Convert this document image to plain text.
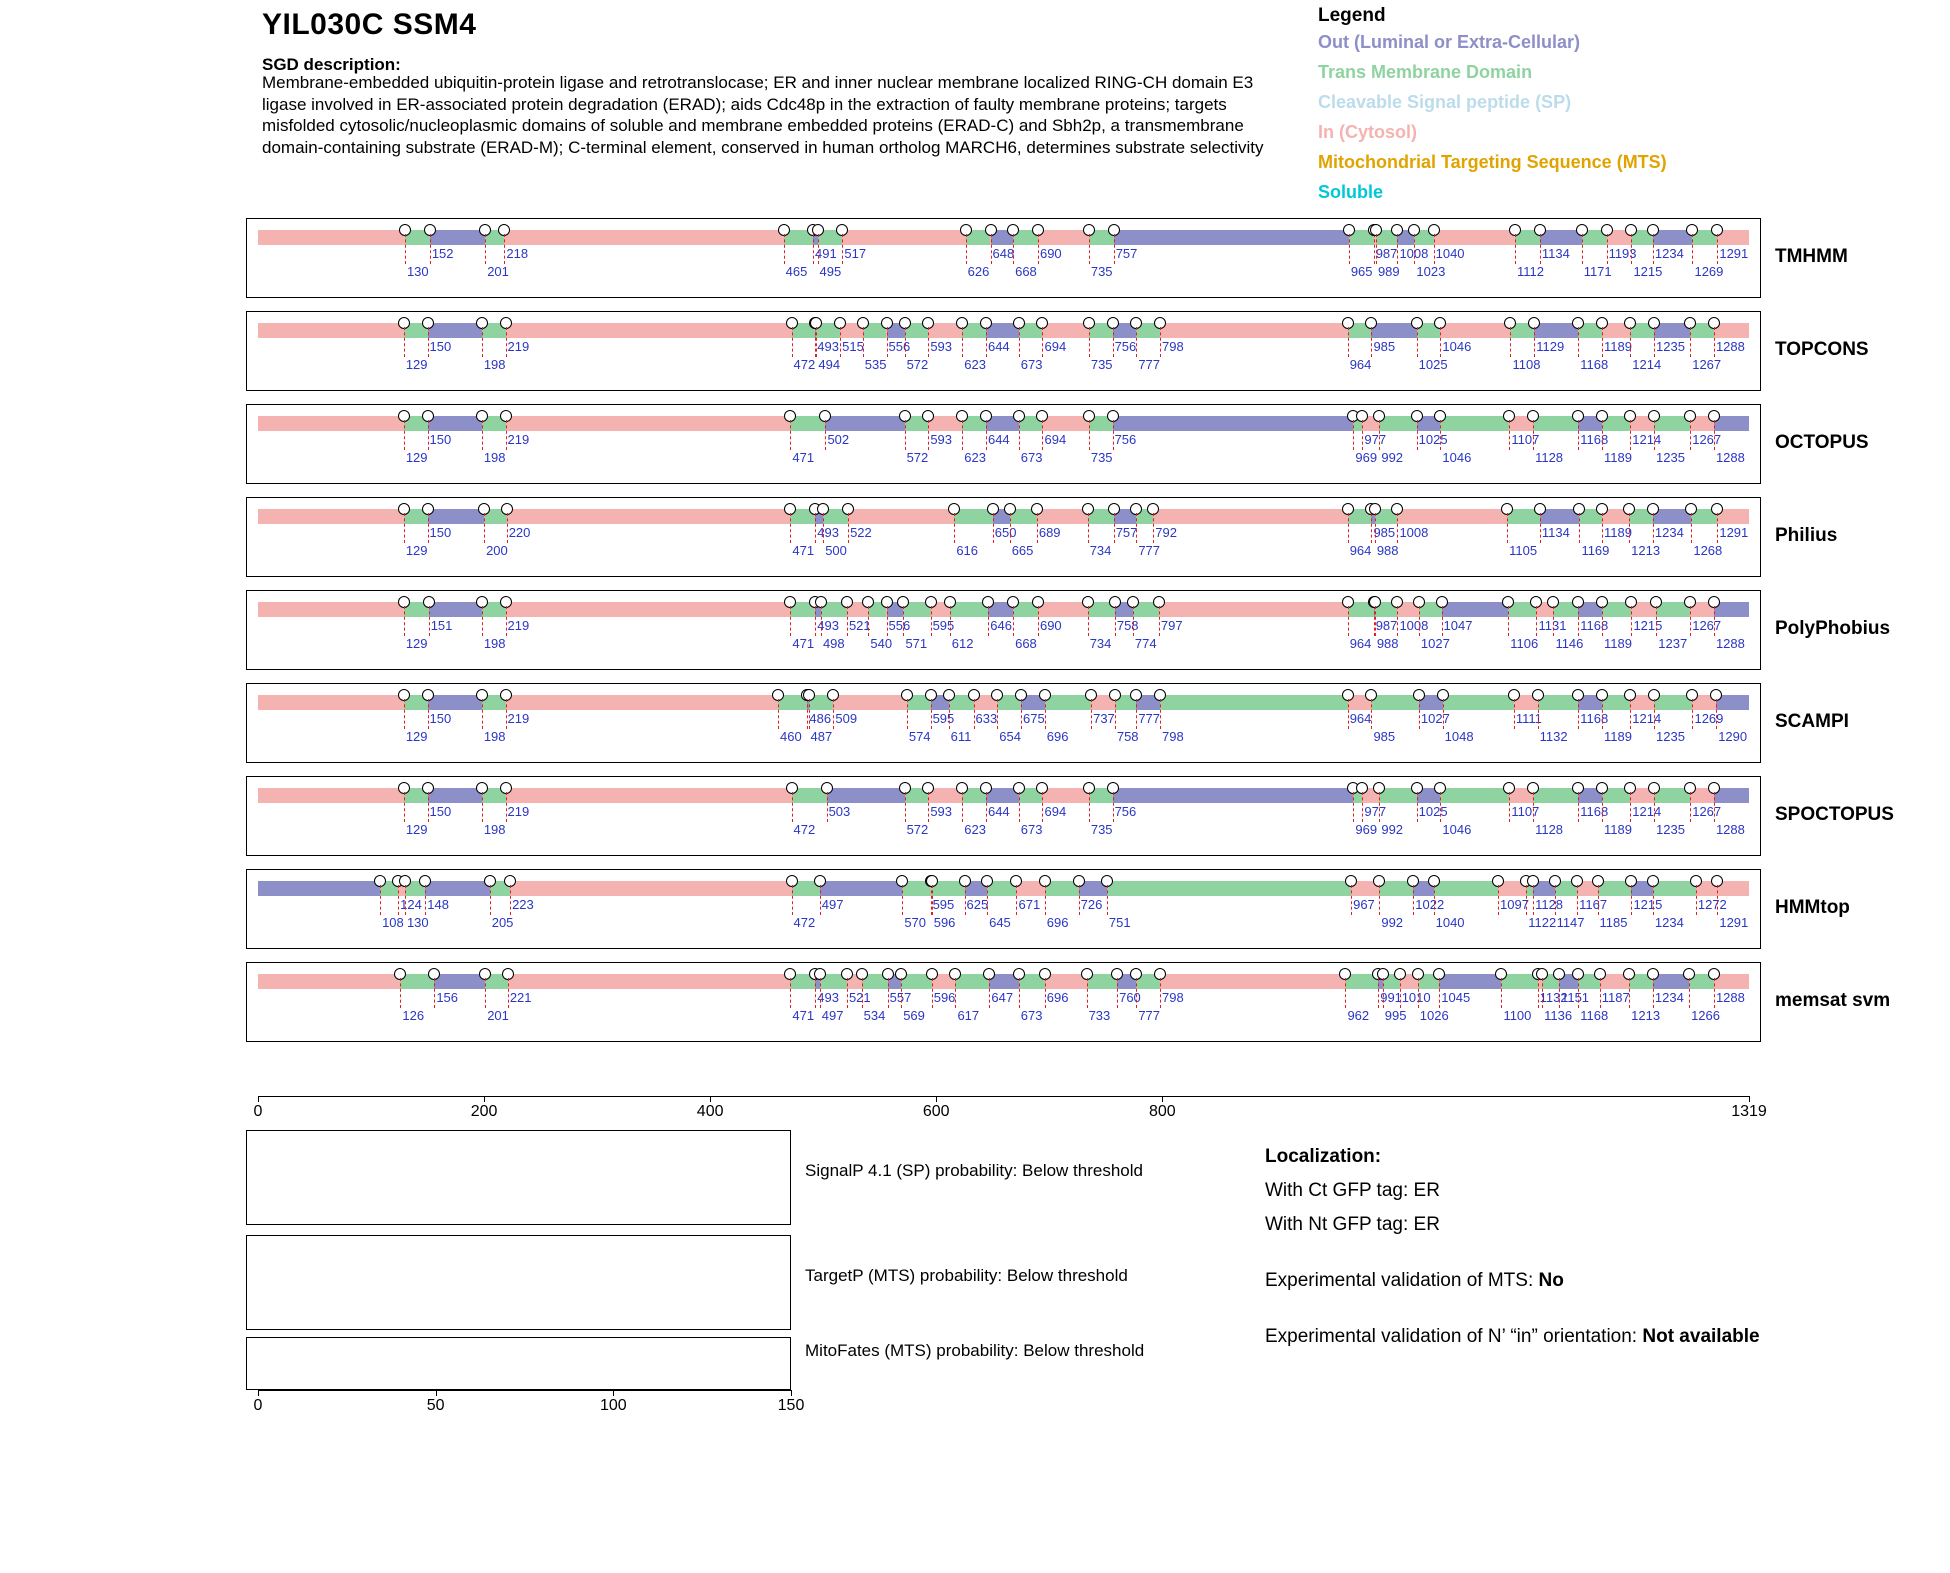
YIL030C SSM4
SGD description:
Membrane-embedded ubiquitin-protein ligase and retrotranslocase; ER and inner nuclear membrane localized RING-CH domain E3 ligase involved in ER-associated protein degradation (ERAD); aids Cdc48p in the extraction of faulty membrane proteins; targets misfolded cytosolic/nucleoplasmic domains of soluble and membrane embedded proteins (ERAD-C) and Sbh2p, a transmembrane domain-containing substrate (ERAD-M); C-terminal element, conserved in human ortholog MARCH6, determines substrate selectivity
Legend
Out (Luminal or Extra-Cellular)
Trans Membrane Domain
Cleavable Signal peptide (SP)
In (Cytosol)
Mitochondrial Targeting Sequence (MTS)
Soluble
130
152
201
218
465
491
495
517
626
648
668
690
735
757
965
987
989
1008
1023
1040
1112
1134
1171
1193
1215
1234
1269
1291
129
150
198
219
472
493
494
515
535
556
572
593
623
644
673
694
735
756
777
798
964
985
1025
1046
1108
1129
1168
1189
1214
1235
1267
1288
129
150
198
219
471
502
572
593
623
644
673
694
735
756
969
977
992
1025
1046
1107
1128
1168
1189
1214
1235
1267
1288
129
150
200
220
471
493
500
522
616
650
665
689
734
757
777
792
964
985
988
1008
1105
1134
1169
1189
1213
1234
1268
1291
129
151
198
219
471
493
498
521
540
556
571
595
612
646
668
690
734
758
774
797
964
987
988
1008
1027
1047
1106
1131
1146
1168
1189
1215
1237
1267
1288
129
150
198
219
460
486
487
509
574
595
611
633
654
675
696
737
758
777
798
964
985
1027
1048
1111
1132
1168
1189
1214
1235
1269
1290
129
150
198
219
472
503
572
593
623
644
673
694
735
756
969
977
992
1025
1046
1107
1128
1168
1189
1214
1235
1267
1288
108
124
130
148
205
223
472
497
570
595
596
625
645
671
696
726
751
967
992
1022
1040
1097
1122
1128
1147
1167
1185
1215
1234
1272
1291
126
156
201
221
471
493
497
521
534
557
569
596
617
647
673
696
733
760
777
798
962
991
995
1010
1026
1045
1100
1132
1136
1151
1168
1187
1213
1234
1266
1288
0	200	400	600	800	1319
SignalP 4.1 (SP) probability: Below threshold
TargetP (MTS) probability: Below threshold
MitoFates (MTS) probability: Below threshold
0	50	100	150
Localization:
With Ct GFP tag: ER
With Nt GFP tag: ER
Experimental validation of MTS: No
Experimental validation of N’ “in” orientation: Not available
TMHMM
TOPCONS
OCTOPUS
Philius
PolyPhobius
SCAMPI
SPOCTOPUS
HMMtop
memsat svm
